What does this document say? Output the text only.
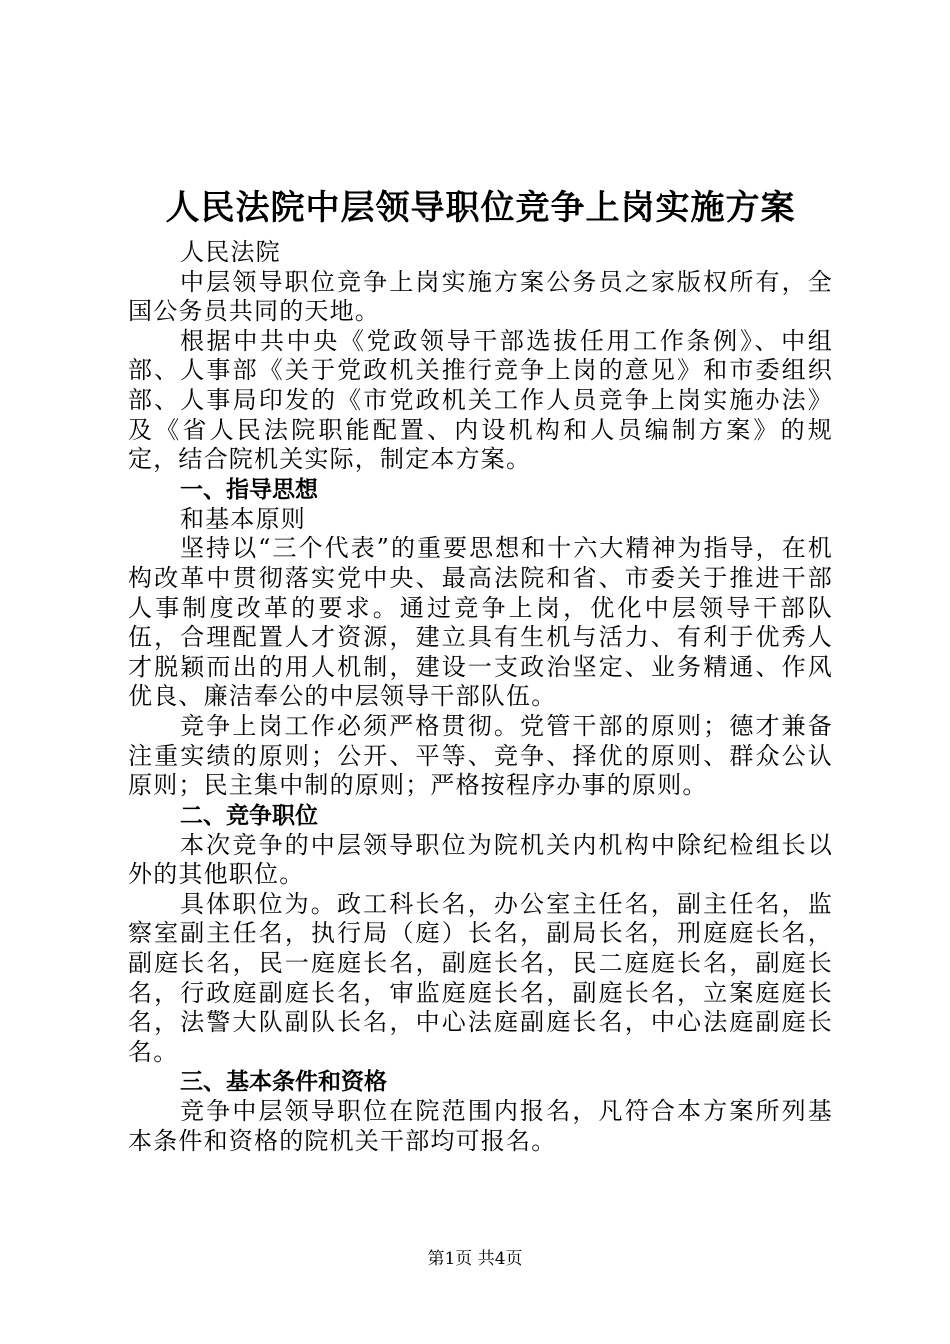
人民法院中层领导职位竞争上岗实施方案

人民法院

中层领导职位竞争上岗实施方案公务员之家版权所有，全国公务员共同的天地。

根据中共中央《党政领导干部选拔任用工作条例》、中组部、人事部《关于党政机关推行竞争上岗的意见》和市委组织部、人事局印发的《市党政机关工作人员竞争上岗实施办法》及《省人民法院职能配置、内设机构和人员编制方案》的规定，结合院机关实际，制定本方案。

一、指导思想

和基本原则

坚持以“三个代表”的重要思想和十六大精神为指导，在机构改革中贯彻落实党中央、最高法院和省、市委关于推进干部人事制度改革的要求。通过竞争上岗，优化中层领导干部队伍，合理配置人才资源，建立具有生机与活力、有利于优秀人才脱颖而出的用人机制，建设一支政治坚定、业务精通、作风优良、廉洁奉公的中层领导干部队伍。

竞争上岗工作必须严格贯彻。党管干部的原则；德才兼备注重实绩的原则；公开、平等、竞争、择优的原则、群众公认原则；民主集中制的原则；严格按程序办事的原则。

二、竞争职位

本次竞争的中层领导职位为院机关内机构中除纪检组长以外的其他职位。

具体职位为。政工科长名，办公室主任名，副主任名，监察室副主任名，执行局（庭）长名，副局长名，刑庭庭长名，副庭长名，民一庭庭长名，副庭长名，民二庭庭长名，副庭长名，行政庭副庭长名，审监庭庭长名，副庭长名，立案庭庭长名，法警大队副队长名，中心法庭副庭长名，中心法庭副庭长名。

三、基本条件和资格

竞争中层领导职位在院范围内报名，凡符合本方案所列基本条件和资格的院机关干部均可报名。

第1页 共4页
